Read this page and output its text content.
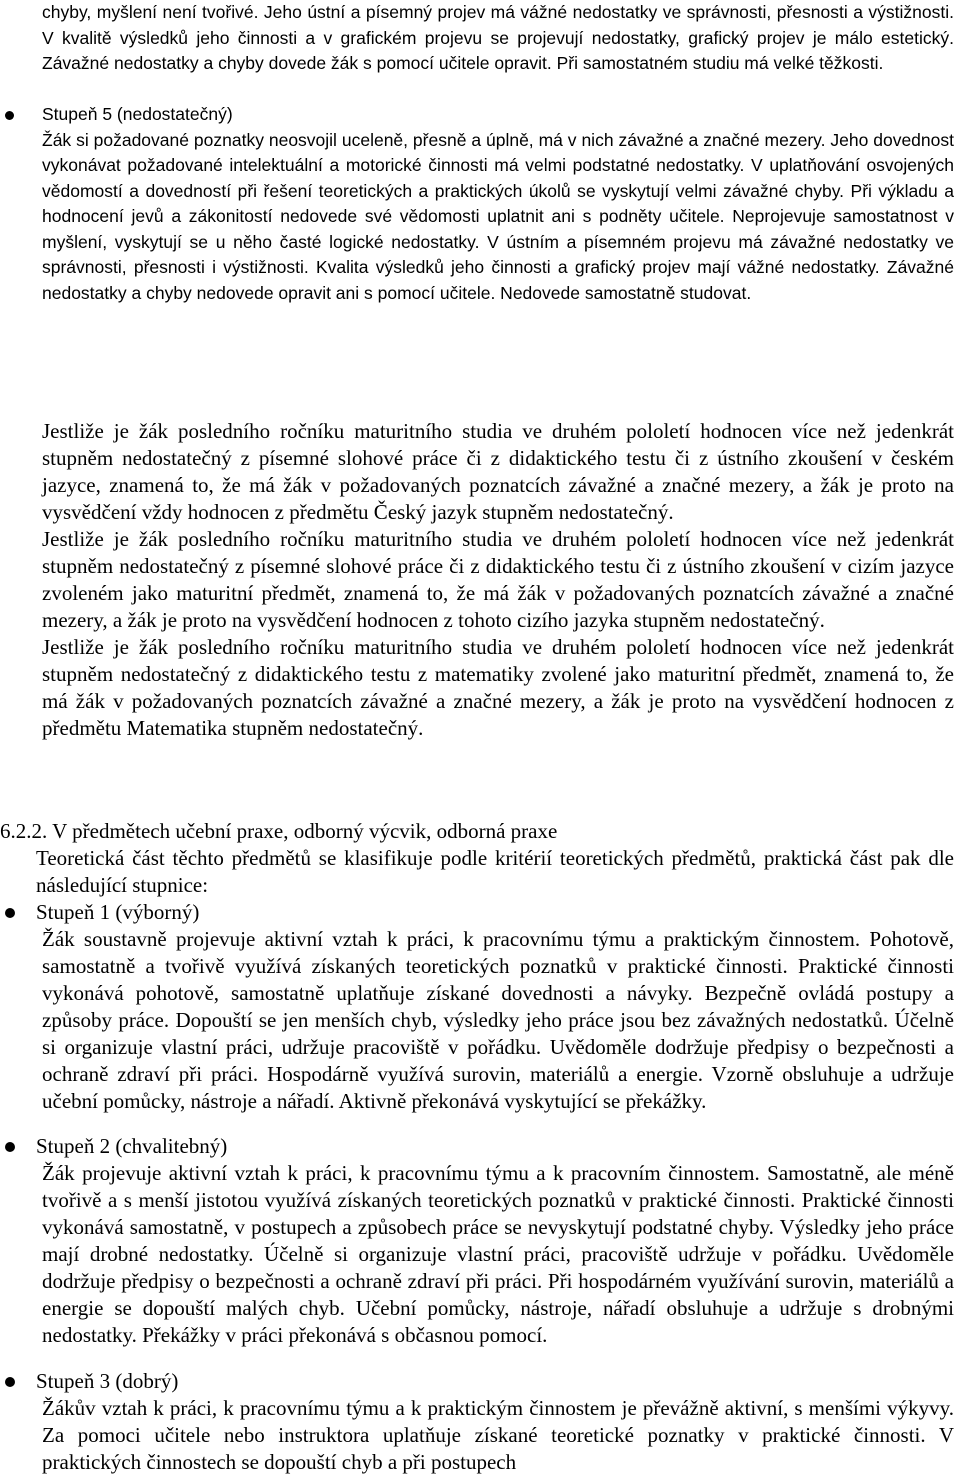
chyby, myšlení není tvořivé. Jeho ústní a písemný projev má vážné nedostatky ve správnosti, přesnosti a výstižnosti. V kvalitě výsledků jeho činnosti a v grafickém projevu se projevují nedostatky, grafický projev je málo estetický. Závažné nedostatky a chyby dovede žák s pomocí učitele opravit. Při samostatném studiu má velké těžkosti.

Stupeň 5 (nedostatečný)

Žák si požadované poznatky neosvojil uceleně, přesně a úplně, má v nich závažné a značné mezery. Jeho dovednost vykonávat požadované intelektuální a motorické činnosti má velmi podstatné nedostatky. V uplatňování osvojených vědomostí a dovedností při řešení teoretických a praktických úkolů se vyskytují velmi závažné chyby. Při výkladu a hodnocení jevů a zákonitostí nedovede své vědomosti uplatnit ani s podněty učitele. Neprojevuje samostatnost v myšlení, vyskytují se u něho časté logické nedostatky. V ústním a písemném projevu má závažné nedostatky ve správnosti, přesnosti i výstižnosti. Kvalita výsledků jeho činnosti a grafický projev mají vážné nedostatky. Závažné nedostatky a chyby nedovede opravit ani s pomocí učitele. Nedovede samostatně studovat.

Jestliže je žák posledního ročníku maturitního studia ve druhém pololetí hodnocen více než jedenkrát stupněm nedostatečný z písemné slohové práce či z didaktického testu či z ústního zkoušení v českém jazyce, znamená to, že má žák v požadovaných poznatcích závažné a značné mezery, a žák je proto na vysvědčení vždy hodnocen z předmětu Český jazyk stupněm nedostatečný.

Jestliže je žák posledního ročníku maturitního studia ve druhém pololetí hodnocen více než jedenkrát stupněm nedostatečný z písemné slohové práce či z didaktického testu či z ústního zkoušení v cizím jazyce zvoleném jako maturitní předmět, znamená to, že má žák v požadovaných poznatcích závažné a značné mezery, a žák je proto na vysvědčení hodnocen z tohoto cizího jazyka stupněm nedostatečný.

Jestliže je žák posledního ročníku maturitního studia ve druhém pololetí hodnocen více než jedenkrát stupněm nedostatečný z didaktického testu z matematiky zvolené jako maturitní předmět, znamená to, že má žák v požadovaných poznatcích závažné a značné mezery, a žák je proto na vysvědčení hodnocen z předmětu Matematika stupněm nedostatečný.

6.2.2. V předmětech učební praxe, odborný výcvik, odborná praxe

Teoretická část těchto předmětů se klasifikuje podle kritérií teoretických předmětů, praktická část pak dle následující stupnice:

Stupeň 1 (výborný)

Žák soustavně projevuje aktivní vztah k práci, k pracovnímu týmu a praktickým činnostem. Pohotově, samostatně a tvořivě využívá získaných teoretických poznatků v praktické činnosti. Praktické činnosti vykonává pohotově, samostatně uplatňuje získané dovednosti a návyky. Bezpečně ovládá postupy a způsoby práce. Dopouští se jen menších chyb, výsledky jeho práce jsou bez závažných nedostatků. Účelně si organizuje vlastní práci, udržuje pracoviště v pořádku. Uvědoměle dodržuje předpisy o bezpečnosti a ochraně zdraví při práci. Hospodárně využívá surovin, materiálů a energie. Vzorně obsluhuje a udržuje učební pomůcky, nástroje a nářadí. Aktivně překonává vyskytující se překážky.

Stupeň 2 (chvalitebný)

Žák projevuje aktivní vztah k práci, k pracovnímu týmu a k pracovním činnostem. Samostatně, ale méně tvořivě a s menší jistotou využívá získaných teoretických poznatků v praktické činnosti. Praktické činnosti vykonává samostatně, v postupech a způsobech práce se nevyskytují podstatné chyby. Výsledky jeho práce mají drobné nedostatky. Účelně si organizuje vlastní práci, pracoviště udržuje v pořádku. Uvědoměle dodržuje předpisy o bezpečnosti a ochraně zdraví při práci. Při hospodárném využívání surovin, materiálů a energie se dopouští malých chyb. Učební pomůcky, nástroje, nářadí obsluhuje a udržuje s drobnými nedostatky. Překážky v práci překonává s občasnou pomocí.

Stupeň 3 (dobrý)

Žákův vztah k práci, k pracovnímu týmu a k praktickým činnostem je převážně aktivní, s menšími výkyvy. Za pomoci učitele nebo instruktora uplatňuje získané teoretické poznatky v praktické činnosti. V praktických činnostech se dopouští chyb a při postupech
